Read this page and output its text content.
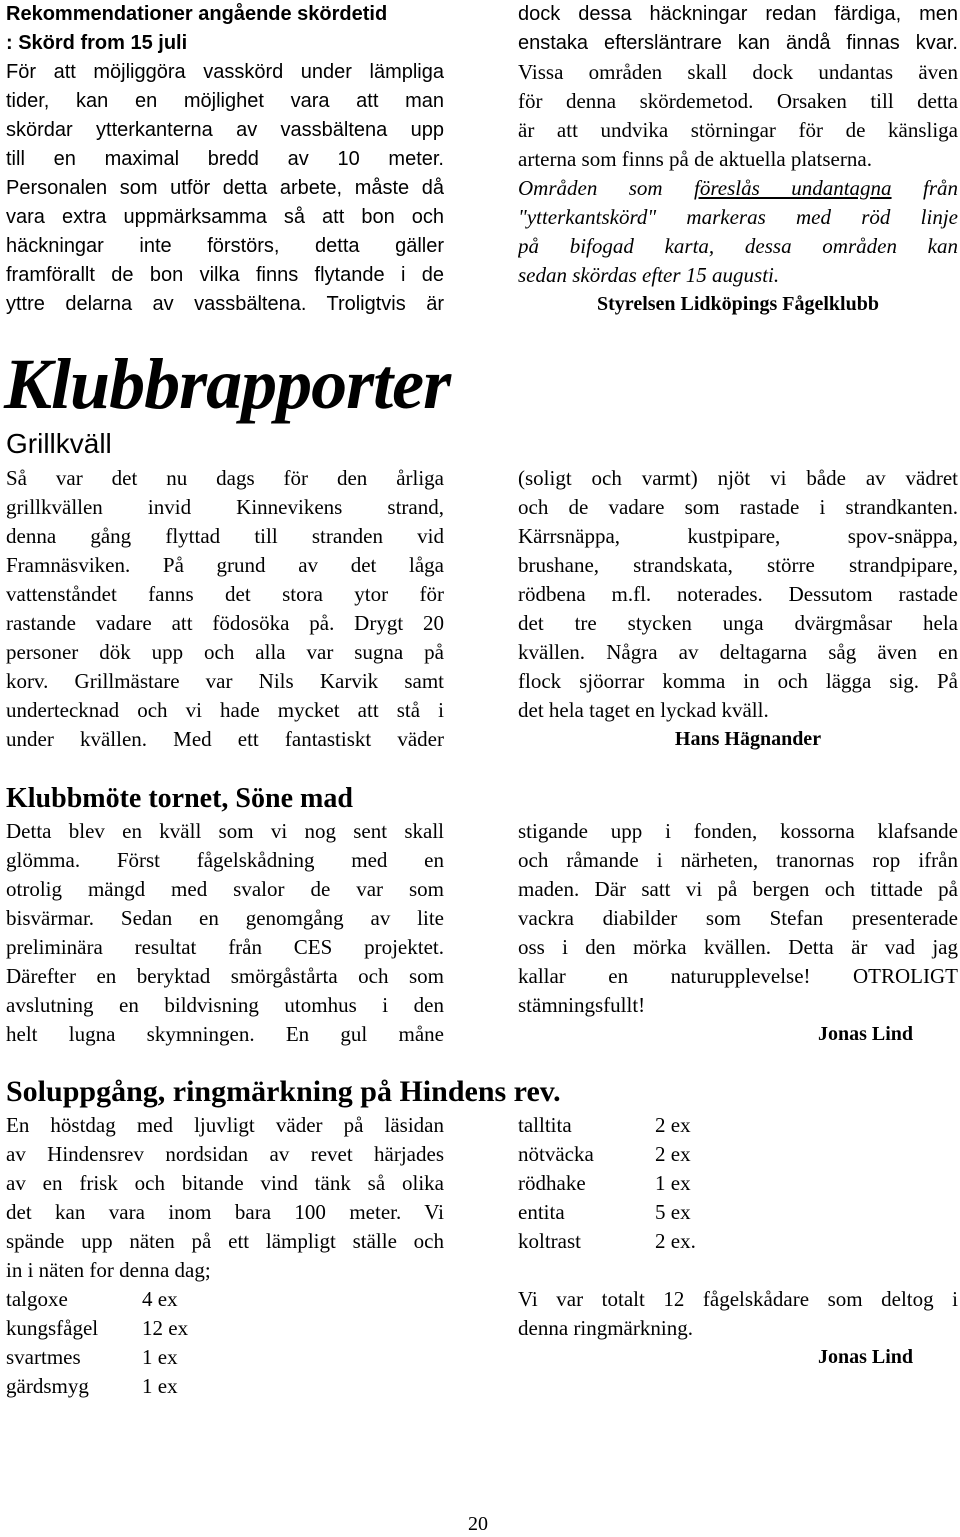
Rekommendationer angående skördetid
: Skörd from 15 juli
För att möjliggöra vasskörd under lämpliga
tider, kan en möjlighet vara att man
skördar ytterkanterna av vassbältena upp
till en maximal bredd av 10 meter.
Personalen som utför detta arbete, måste då
vara extra uppmärksamma så att bon och
häckningar inte förstörs, detta gäller
framförallt de bon vilka finns flytande i de
yttre delarna av vassbältena. Troligtvis är
dock dessa häckningar redan färdiga, men
enstaka eftersläntrare kan ändå finnas kvar.
Vissa områden skall dock undantas även
för denna skördemetod. Orsaken till detta
är att undvika störningar för de känsliga
arterna som finns på de aktuella platserna.
Områden som föreslås undantagna från
"ytterkantskörd" markeras med röd linje
på bifogad karta, dessa områden kan
sedan skördas efter 15 augusti.
Styrelsen Lidköpings Fågelklubb
Klubbrapporter
Grillkväll
Så var det nu dags för den årliga
grillkvällen invid Kinnevikens strand,
denna gång flyttad till stranden vid
Framnäsviken. På grund av det låga
vattenståndet fanns det stora ytor för
rastande vadare att födosöka på. Drygt 20
personer dök upp och alla var sugna på
korv. Grillmästare var Nils Karvik samt
undertecknad och vi hade mycket att stå i
under kvällen. Med ett fantastiskt väder
(soligt och varmt) njöt vi både av vädret
och de vadare som rastade i strandkanten.
Kärrsnäppa, kustpipare, spov-snäppa,
brushane, strandskata, större strandpipare,
rödbena m.fl. noterades. Dessutom rastade
det tre stycken unga dvärgmåsar hela
kvällen. Några av deltagarna såg även en
flock sjöorrar komma in och lägga sig. På
det hela taget en lyckad kväll.
Hans Hägnander
Klubbmöte tornet, Söne mad
Detta blev en kväll som vi nog sent skall
glömma. Först fågelskådning med en
otrolig mängd med svalor de var som
bisvärmar. Sedan en genomgång av lite
preliminära resultat från CES projektet.
Därefter en beryktad smörgåstårta och som
avslutning en bildvisning utomhus i den
helt lugna skymningen. En gul måne
stigande upp i fonden, kossorna klafsande
och råmande i närheten, tranornas rop ifrån
maden. Där satt vi på bergen och tittade på
vackra diabilder som Stefan presenterade
oss i den mörka kvällen. Detta är vad jag
kallar en naturupplevelse! OTROLIGT
stämningsfullt!
Jonas Lind
Soluppgång, ringmärkning på Hindens rev.
En höstdag med ljuvligt väder på läsidan
av Hindensrev nordsidan av revet härjades
av en frisk och bitande vind tänk så olika
det kan vara inom bara 100 meter. Vi
spände upp näten på ett lämpligt ställe och
in i näten for denna dag;
talgoxe	4 ex
kungsfågel	12 ex
svartmes	1 ex
gärdsmyg	1 ex
talltita	2 ex
nötväcka	2 ex
rödhake	1 ex
entita	5 ex
koltrast	2 ex.
Vi var totalt 12 fågelskådare som deltog i
denna ringmärkning.
Jonas Lind
20
